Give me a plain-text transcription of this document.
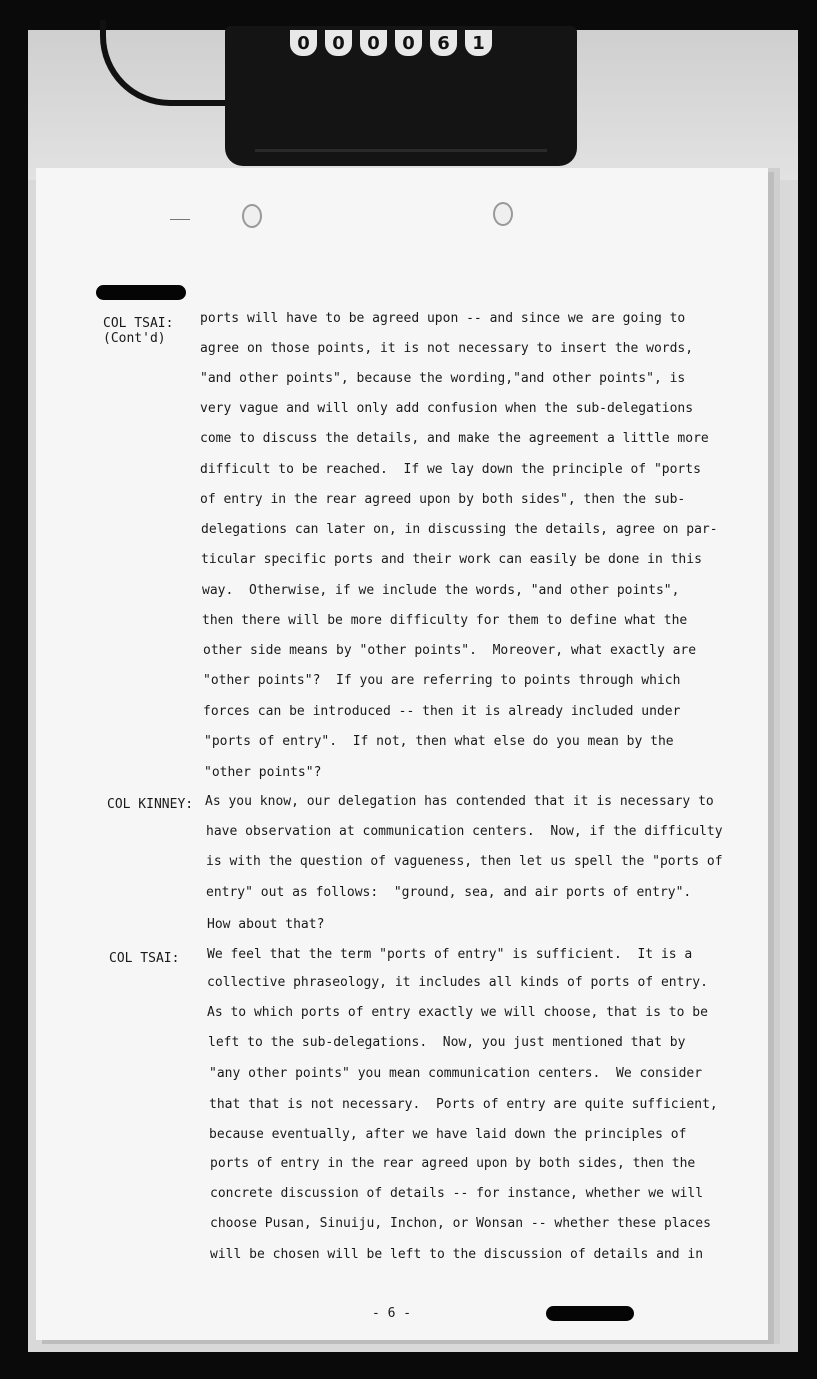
0	0	0	0	6	1
COL TSAI:
(Cont'd)
COL KINNEY:
COL TSAI:
ports will have to be agreed upon -- and since we are going to
agree on those points, it is not necessary to insert the words,
"and other points", because the wording,"and other points", is
very vague and will only add confusion when the sub-delegations
come to discuss the details, and make the agreement a little more
difficult to be reached.  If we lay down the principle of "ports
of entry in the rear agreed upon by both sides", then the sub-
delegations can later on, in discussing the details, agree on par-
ticular specific ports and their work can easily be done in this
way.  Otherwise, if we include the words, "and other points",
then there will be more difficulty for them to define what the
other side means by "other points".  Moreover, what exactly are
"other points"?  If you are referring to points through which
forces can be introduced -- then it is already included under
"ports of entry".  If not, then what else do you mean by the
"other points"?
As you know, our delegation has contended that it is necessary to
have observation at communication centers.  Now, if the difficulty
is with the question of vagueness, then let us spell the "ports of
entry" out as follows:  "ground, sea, and air ports of entry".
How about that?
We feel that the term "ports of entry" is sufficient.  It is a
collective phraseology, it includes all kinds of ports of entry.
As to which ports of entry exactly we will choose, that is to be
left to the sub-delegations.  Now, you just mentioned that by
"any other points" you mean communication centers.  We consider
that that is not necessary.  Ports of entry are quite sufficient,
because eventually, after we have laid down the principles of
ports of entry in the rear agreed upon by both sides, then the
concrete discussion of details -- for instance, whether we will
choose Pusan, Sinuiju, Inchon, or Wonsan -- whether these places
will be chosen will be left to the discussion of details and in
- 6 -
